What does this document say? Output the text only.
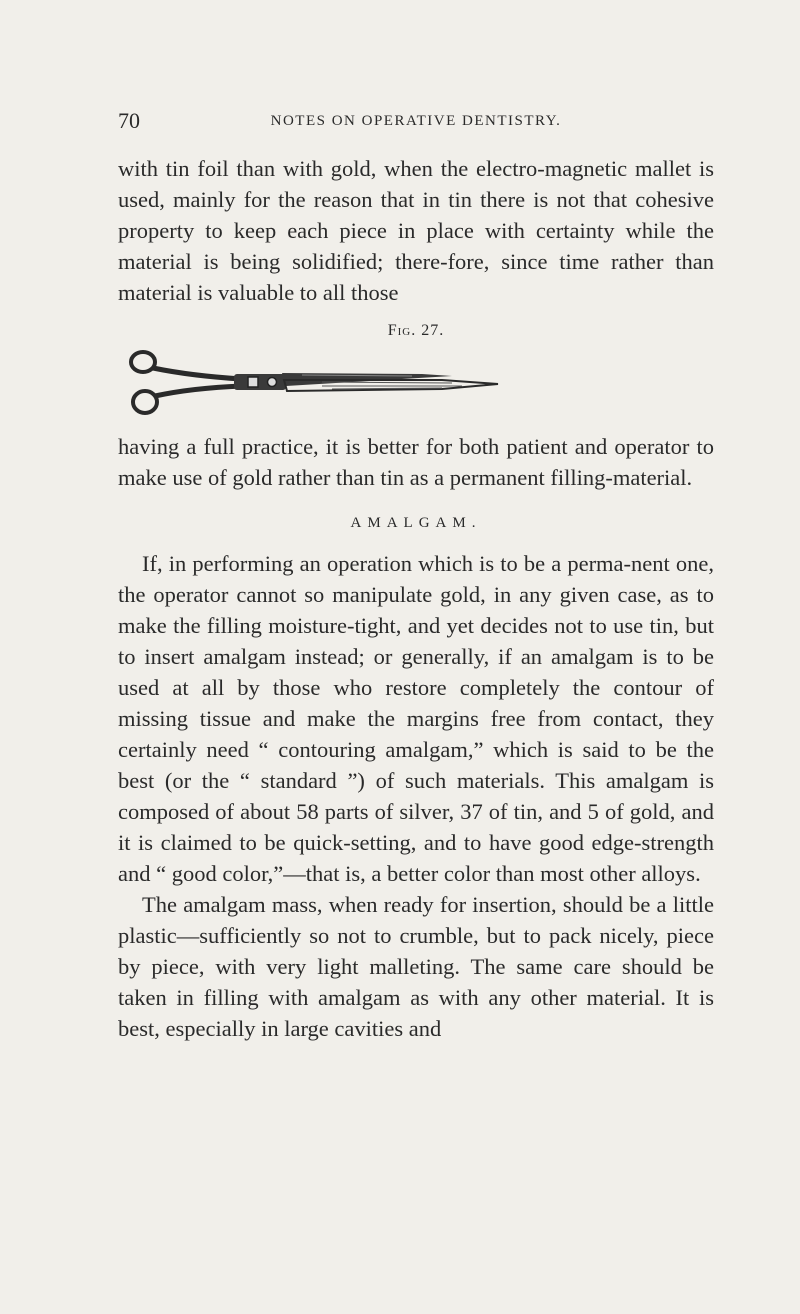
70	NOTES ON OPERATIVE DENTISTRY.

with tin foil than with gold, when the electro-magnetic mallet is used, mainly for the reason that in tin there is not that cohesive property to keep each piece in place with certainty while the material is being solidified; there-fore, since time rather than material is valuable to all those

Fig. 27.

having a full practice, it is better for both patient and operator to make use of gold rather than tin as a permanent filling-material.

AMALGAM.

If, in performing an operation which is to be a perma-nent one, the operator cannot so manipulate gold, in any given case, as to make the filling moisture-tight, and yet decides not to use tin, but to insert amalgam instead; or generally, if an amalgam is to be used at all by those who restore completely the contour of missing tissue and make the margins free from contact, they certainly need “ contouring amalgam,” which is said to be the best (or the “ standard ”) of such materials. This amalgam is composed of about 58 parts of silver, 37 of tin, and 5 of gold, and it is claimed to be quick-setting, and to have good edge-strength and “ good color,”—that is, a better color than most other alloys.

The amalgam mass, when ready for insertion, should be a little plastic—sufficiently so not to crumble, but to pack nicely, piece by piece, with very light malleting. The same care should be taken in filling with amalgam as with any other material. It is best, especially in large cavities and
